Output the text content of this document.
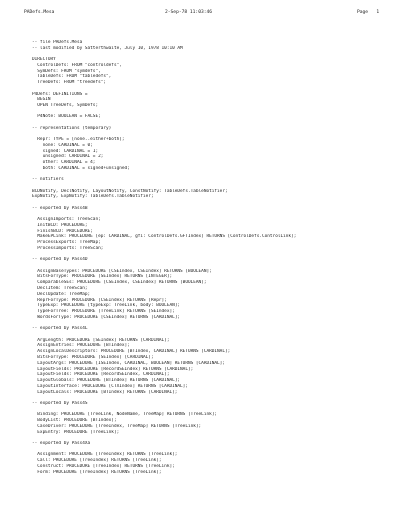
PADefs.Mesa	2-Sep-78 11:03:46	Page 1
-- file PADefs.Mesa
-- last modified by Satterthwaite, July 10, 1978 10:10 AM
DIRECTORY
ControlDefs: FROM "controldefs",
SymDefs: FROM "symdefs",
TableDefs: FROM "tabledefs",
TreeDefs: FROM "treedefs";
P4Defs: DEFINITIONS =
BEGIN
OPEN TreeDefs, SymDefs;
P4Note: BOOLEAN = FALSE;
-- representations (temporary)
Repr: TYPE = [none..either+both];
none: CARDINAL = 0;
signed: CARDINAL = 1;
unsigned: CARDINAL = 2;
other: CARDINAL = 4;
both: CARDINAL = signed+unsigned;
-- notifiers
BCDNotify, DeclNotify, LayoutNotify, ConstNotify: TableDefs.TableNotifier;
ExpNotify, ExpNotify: TableDefs.TableNotifier;
-- exported by Pass4B
AssignImports: TreeScan;
InitBCD: PROCEDURE;
FinishBCD: PROCEDURE;
MakeEPLink: PROCEDURE [ep: CARDINAL, gfi: ControlDefs.GFTIndex] RETURNS [ControlDefs.ControlLink];
ProcessExports: TreeMap;
ProcessImports: TreeScan;
-- exported by Pass4D
AssignBaseTypes: PROCEDURE [CSEIndex, CSEIndex] RETURNS [BOOLEAN];
BitsForType: PROCEDURE [SEIndex] RETURNS [INTEGER];
ComparableSEs: PROCEDURE [CSEIndex, CSEIndex] RETURNS [BOOLEAN];
DeclItem: TreeScan;
DeclUpdate: TreeMap;
ReprForType: PROCEDURE [CSEIndex] RETURNS [Repr];
TypeExp: PROCEDURE [typeExp: TreeLink, body: BOOLEAN];
TypeForTree: PROCEDURE [TreeLink] RETURNS [SEIndex];
WordsForType: PROCEDURE [CSEIndex] RETURNS [CARDINAL];
-- exported by Pass4L
ArgLength: PROCEDURE [SEIndex] RETURNS [CARDINAL];
AssignEntries: PROCEDURE [BTIndex];
AssignLocalDescriptors: PROCEDURE [BTIndex, CARDINAL] RETURNS [CARDINAL];
BitsForType: PROCEDURE [SEIndex] [CARDINAL];
LayoutArgs: PROCEDURE [ISEIndex, CARDINAL, BOOLEAN] RETURNS [CARDINAL];
LayoutFields: PROCEDURE [RecordSEIndex] RETURNS [CARDINAL];
LayoutFields: PROCEDURE [RecordSEIndex, CARDINAL];
LayoutGlobals: PROCEDURE [BTIndex] RETURNS [CARDINAL];
LayoutInterface: PROCEDURE [CTXIndex] RETURNS [CARDINAL];
LayoutLocals: PROCEDURE [BTIndex] RETURNS [CARDINAL];
-- exported by Pass4S
Binding: PROCEDURE [TreeLink, NodeName, TreeMap] RETURNS [TreeLink];
BodyList: PROCEDURE [BTIndex];
CaseDriver: PROCEDURE [TreeIndex, TreeMap] RETURNS [TreeLink];
ExpEntry: PROCEDURE [TreeLink];
-- exported by Pass4Xa
Assignment: PROCEDURE [TreeIndex] RETURNS [TreeLink];
Call: PROCEDURE [TreeIndex] RETURNS [TreeLink];
Construct: PROCEDURE [TreeIndex] RETURNS [TreeLink];
Form: PROCEDURE [TreeIndex] RETURNS [TreeLink];
